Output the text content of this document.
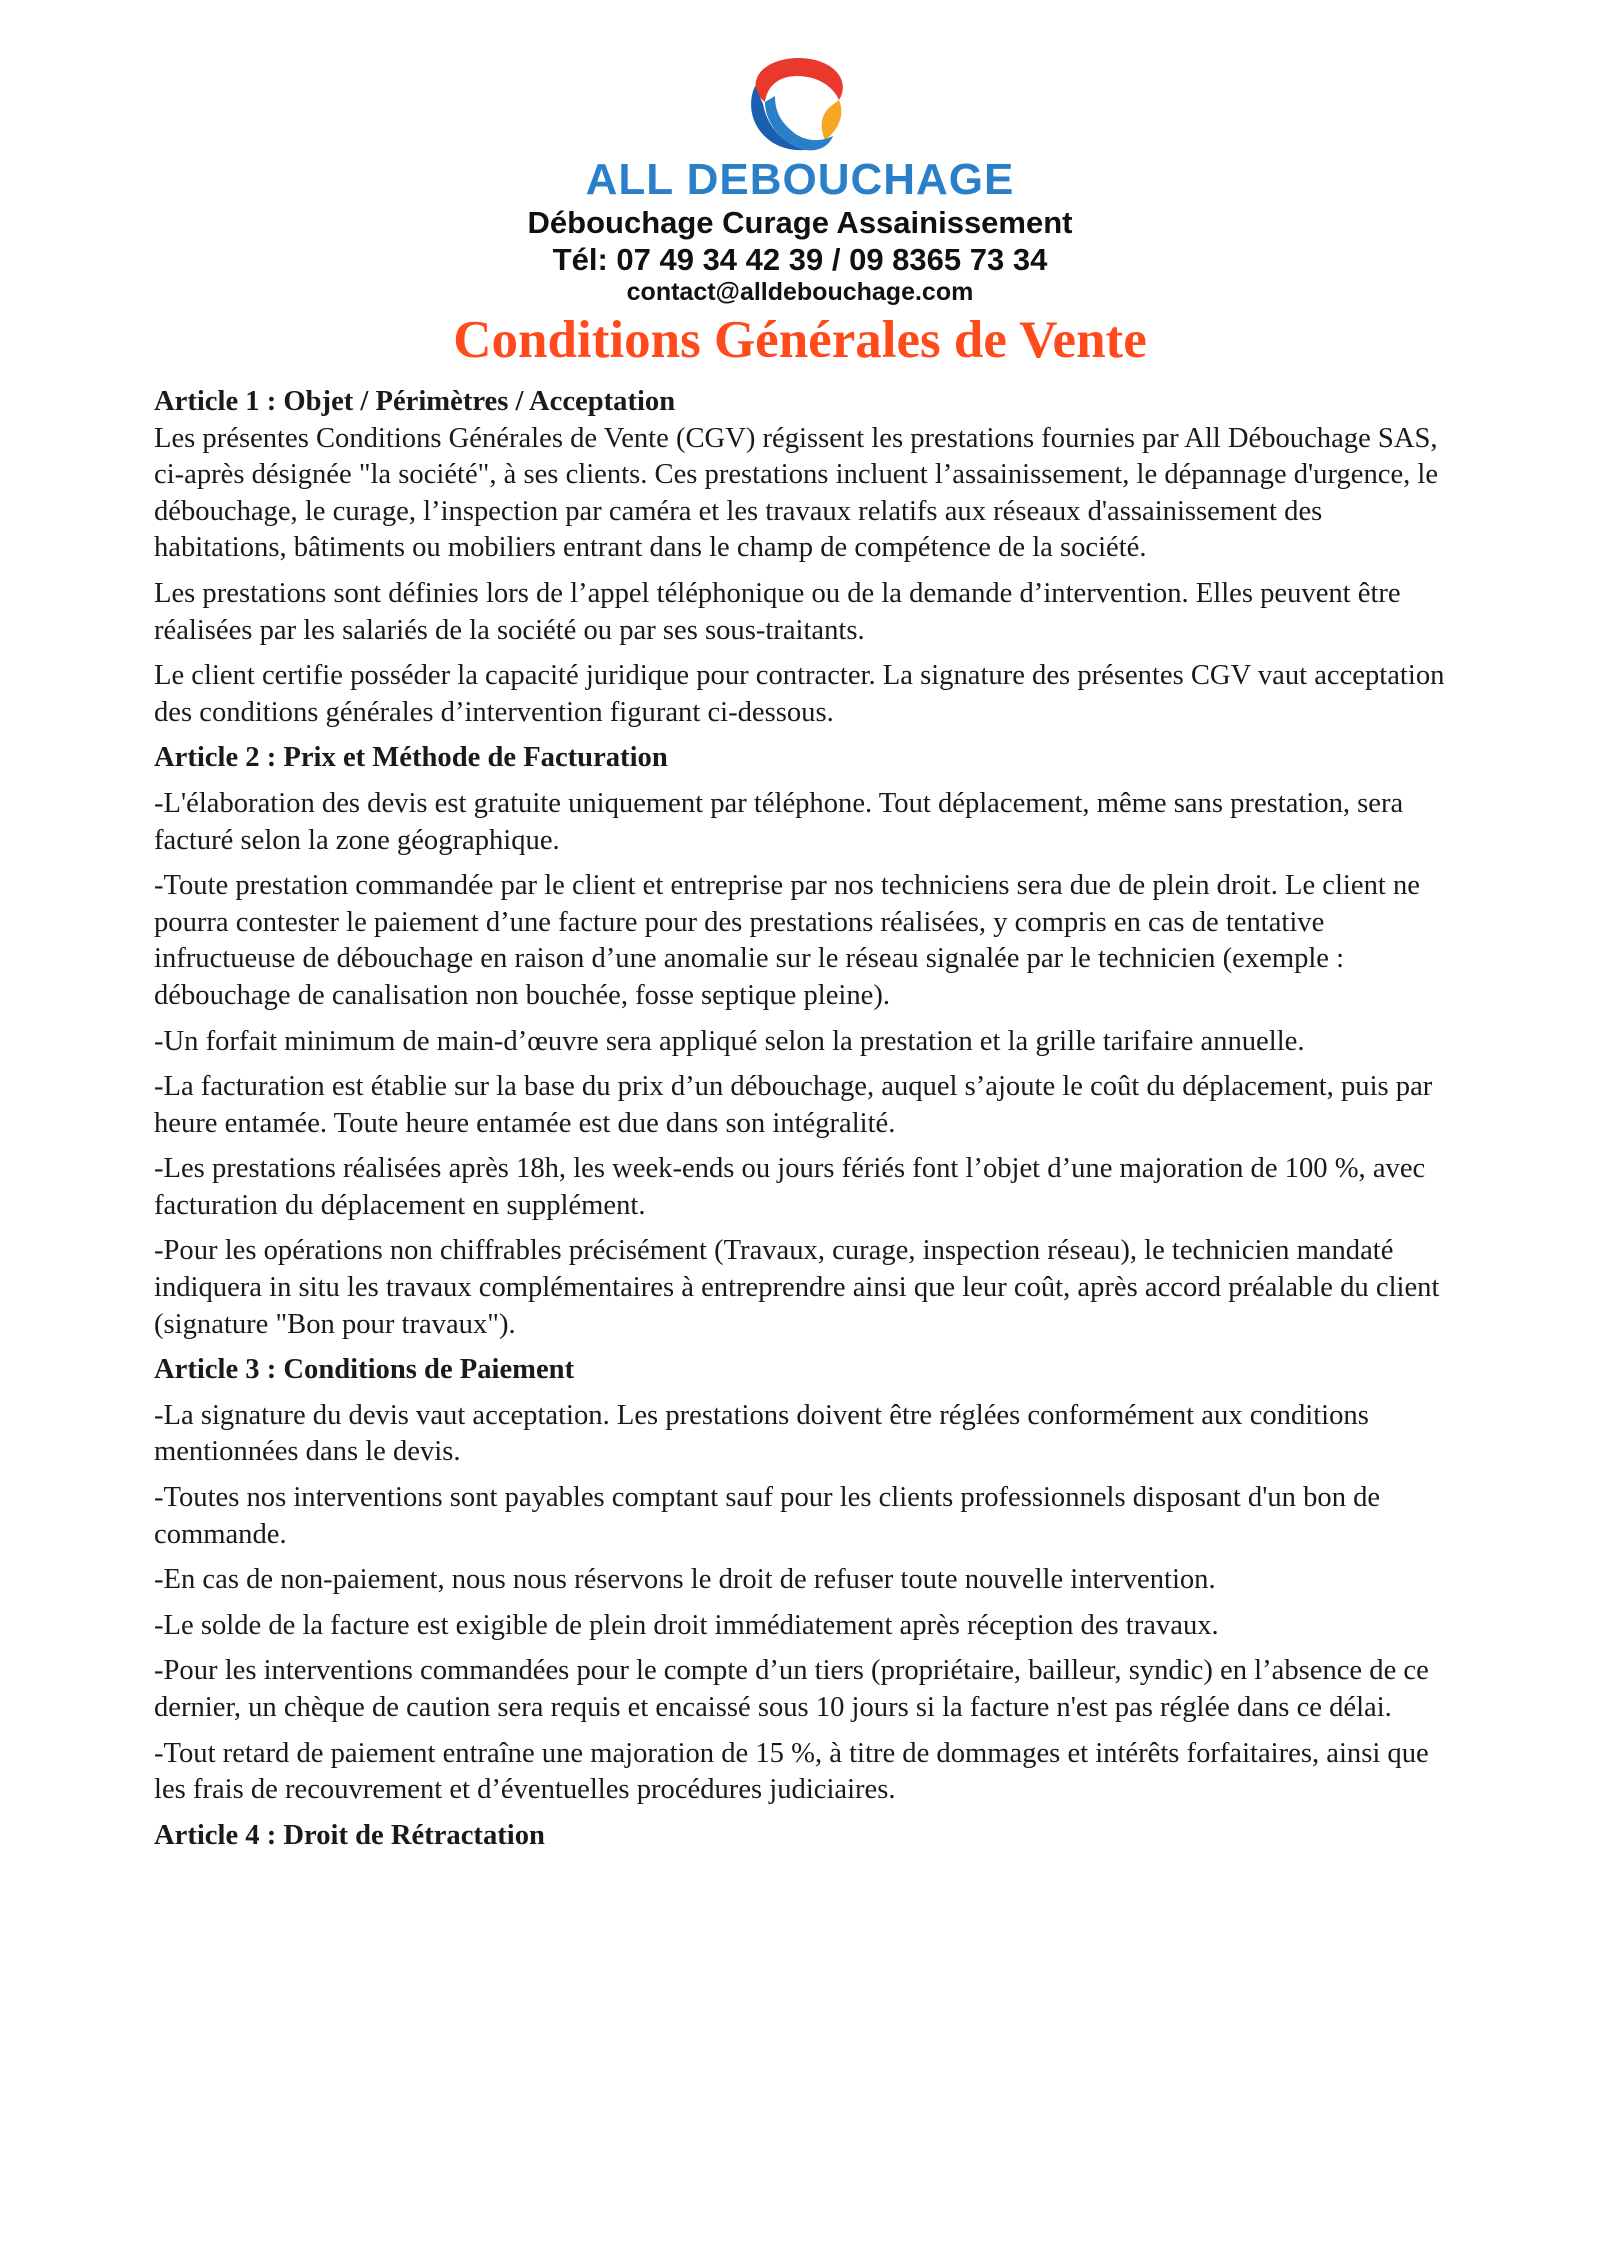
ALL DEBOUCHAGE
Débouchage Curage Assainissement
Tél: 07 49 34 42 39 / 09 8365 73 34
contact@alldebouchage.com
Conditions Générales de Vente
Article 1 : Objet / Périmètres / Acceptation

Les présentes Conditions Générales de Vente (CGV) régissent les prestations fournies par All Débouchage SAS, ci-après désignée "la société", à ses clients. Ces prestations incluent l’assainissement, le dépannage d'urgence, le débouchage, le curage, l’inspection par caméra et les travaux relatifs aux réseaux d'assainissement des habitations, bâtiments ou mobiliers entrant dans le champ de compétence de la société.

Les prestations sont définies lors de l’appel téléphonique ou de la demande d’intervention. Elles peuvent être réalisées par les salariés de la société ou par ses sous-traitants.

Le client certifie posséder la capacité juridique pour contracter. La signature des présentes CGV vaut acceptation des conditions générales d’intervention figurant ci-dessous.

Article 2 : Prix et Méthode de Facturation

-L'élaboration des devis est gratuite uniquement par téléphone. Tout déplacement, même sans prestation, sera facturé selon la zone géographique.

-Toute prestation commandée par le client et entreprise par nos techniciens sera due de plein droit. Le client ne pourra contester le paiement d’une facture pour des prestations réalisées, y compris en cas de tentative infructueuse de débouchage en raison d’une anomalie sur le réseau signalée par le technicien (exemple : débouchage de canalisation non bouchée, fosse septique pleine).

-Un forfait minimum de main-d’œuvre sera appliqué selon la prestation et la grille tarifaire annuelle.

-La facturation est établie sur la base du prix d’un débouchage, auquel s’ajoute le coût du déplacement, puis par heure entamée. Toute heure entamée est due dans son intégralité.

-Les prestations réalisées après 18h, les week-ends ou jours fériés font l’objet d’une majoration de 100 %, avec facturation du déplacement en supplément.

-Pour les opérations non chiffrables précisément (Travaux, curage, inspection réseau), le technicien mandaté indiquera in situ les travaux complémentaires à entreprendre ainsi que leur coût, après accord préalable du client (signature "Bon pour travaux").

Article 3 : Conditions de Paiement

-La signature du devis vaut acceptation. Les prestations doivent être réglées conformément aux conditions mentionnées dans le devis.

-Toutes nos interventions sont payables comptant sauf pour les clients professionnels disposant d'un bon de commande.

-En cas de non-paiement, nous nous réservons le droit de refuser toute nouvelle intervention.

-Le solde de la facture est exigible de plein droit immédiatement après réception des travaux.

-Pour les interventions commandées pour le compte d’un tiers (propriétaire, bailleur, syndic) en l’absence de ce dernier, un chèque de caution sera requis et encaissé sous 10 jours si la facture n'est pas réglée dans ce délai.

-Tout retard de paiement entraîne une majoration de 15 %, à titre de dommages et intérêts forfaitaires, ainsi que les frais de recouvrement et d’éventuelles procédures judiciaires.

Article 4 : Droit de Rétractation
